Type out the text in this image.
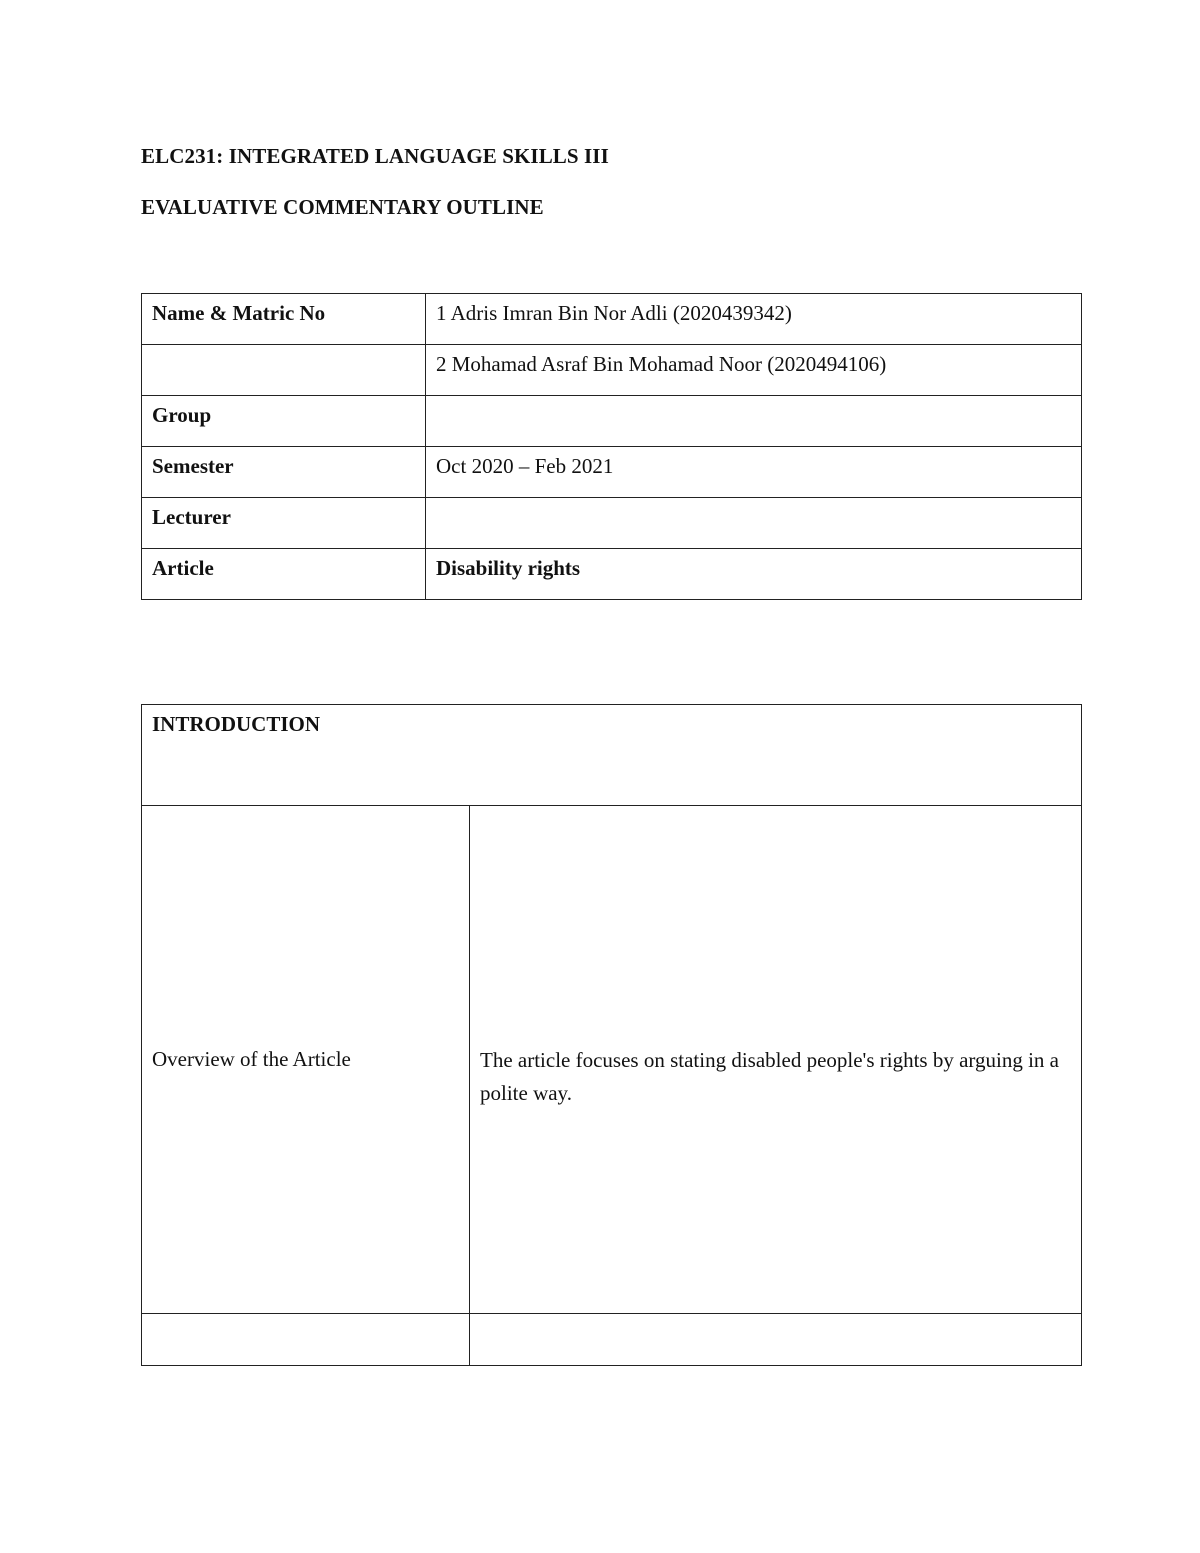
ELC231: INTEGRATED LANGUAGE SKILLS III
EVALUATIVE COMMENTARY OUTLINE
Name & Matric No	1 Adris Imran Bin Nor Adli (2020439342)

	2 Mohamad Asraf Bin Mohamad Noor (2020494106)

Group	

Semester	Oct 2020 – Feb 2021

Lecturer	

Article	Disability rights
INTRODUCTION	

Overview of the Article	The article focuses on stating disabled people's rights by arguing in a polite way.
